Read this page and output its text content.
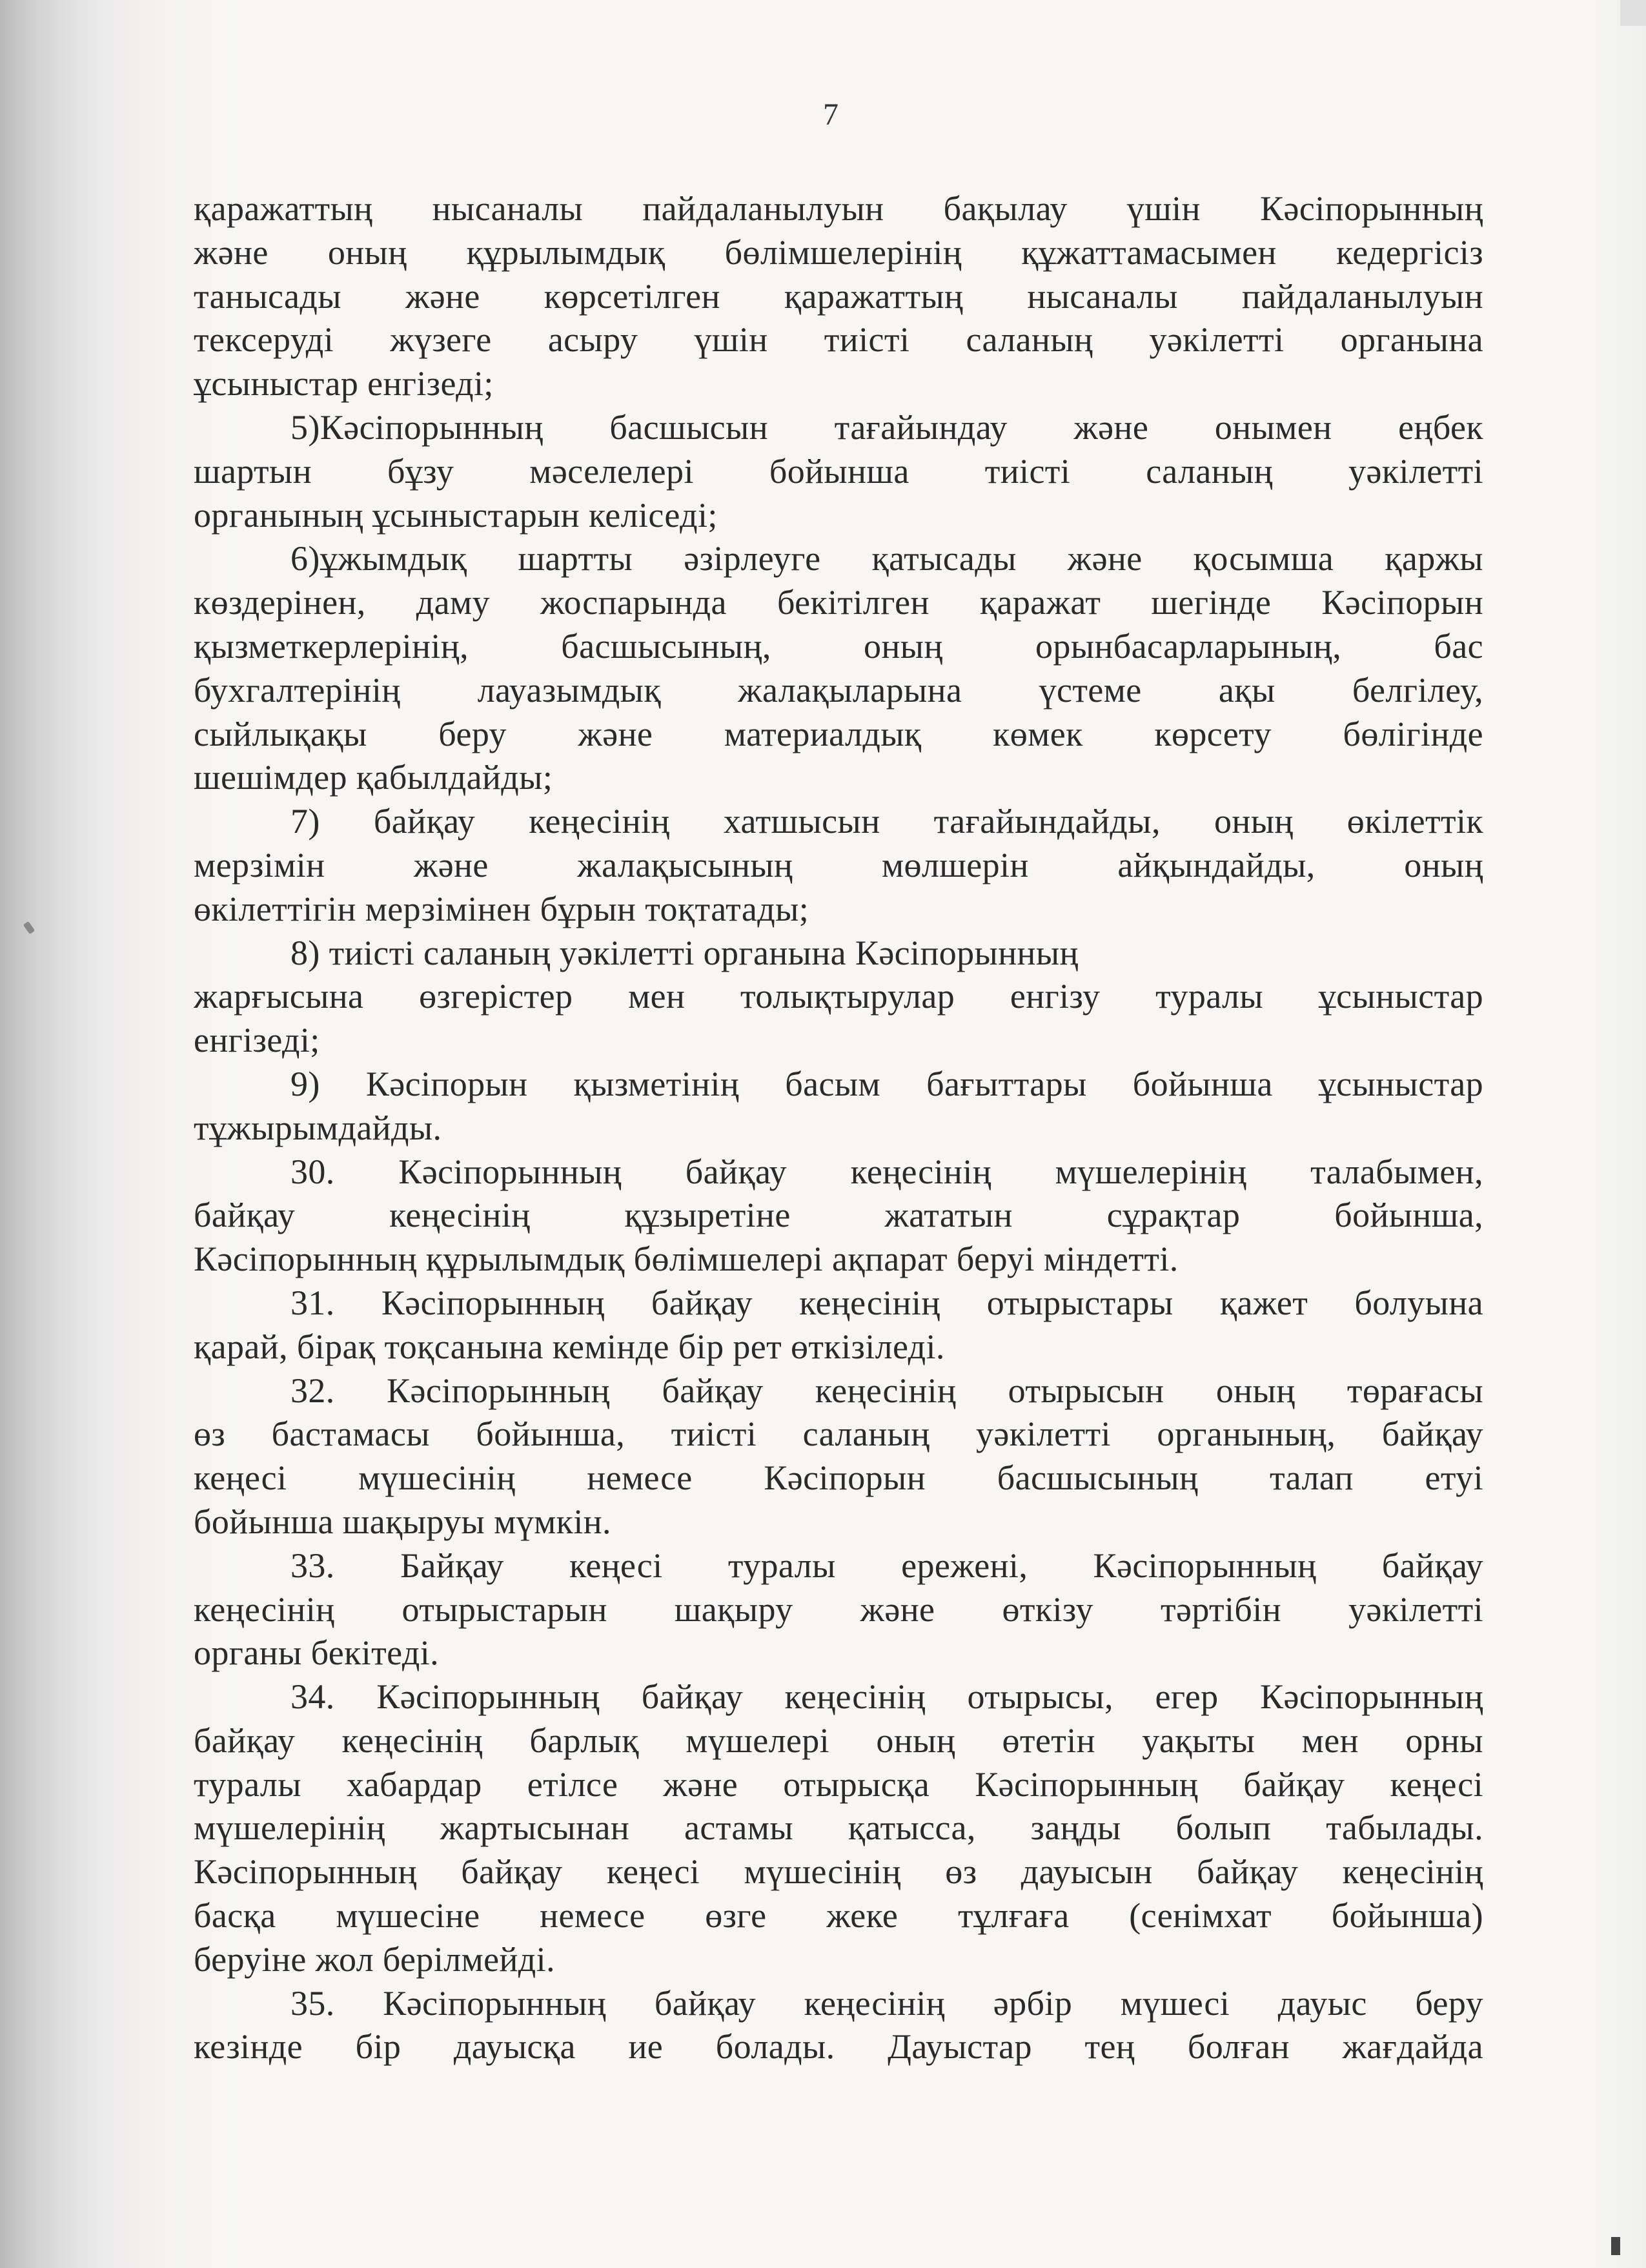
7
қаражаттың нысаналы пайдаланылуын бақылау үшін Кәсіпорынның
және оның құрылымдық бөлімшелерінің құжаттамасымен кедергісіз
танысады және көрсетілген қаражаттың нысаналы пайдаланылуын
тексеруді жүзеге асыру үшін тиісті саланың уәкілетті органына
ұсыныстар енгізеді;
5)Кәсіпорынның басшысын тағайындау және онымен еңбек
шартын бұзу мәселелері бойынша тиісті саланың уәкілетті
органының ұсыныстарын келіседі;
6)ұжымдық шартты әзірлеуге қатысады және қосымша қаржы
көздерінен, даму жоспарында бекітілген қаражат шегінде Кәсіпорын
қызметкерлерінің, басшысының, оның орынбасарларының, бас
бухгалтерінің лауазымдық жалақыларына үстеме ақы белгілеу,
сыйлықақы беру және материалдық көмек көрсету бөлігінде
шешімдер қабылдайды;
7) байқау кеңесінің хатшысын тағайындайды, оның өкілеттік
мерзімін және жалақысының мөлшерін айқындайды, оның
өкілеттігін мерзімінен бұрын тоқтатады;
8) тиісті саланың уәкілетті органына Кәсіпорынның
жарғысына өзгерістер мен толықтырулар енгізу туралы ұсыныстар
енгізеді;
9) Кәсіпорын қызметінің басым бағыттары бойынша ұсыныстар
тұжырымдайды.
30. Кәсіпорынның байқау кеңесінің мүшелерінің талабымен,
байқау кеңесінің құзыретіне жататын сұрақтар бойынша,
Кәсіпорынның құрылымдық бөлімшелері ақпарат беруі міндетті.
31. Кәсіпорынның байқау кеңесінің отырыстары қажет болуына
қарай, бірақ тоқсанына кемінде бір рет өткізіледі.
32. Кәсіпорынның байқау кеңесінің отырысын оның төрағасы
өз бастамасы бойынша, тиісті саланың уәкілетті органының, байқау
кеңесі мүшесінің немесе Кәсіпорын басшысының талап етуі
бойынша шақыруы мүмкін.
33. Байқау кеңесі туралы ережені, Кәсіпорынның байқау
кеңесінің отырыстарын шақыру және өткізу тәртібін уәкілетті
органы бекітеді.
34. Кәсіпорынның байқау кеңесінің отырысы, егер Кәсіпорынның
байқау кеңесінің барлық мүшелері оның өтетін уақыты мен орны
туралы хабардар етілсе және отырысқа Кәсіпорынның байқау кеңесі
мүшелерінің жартысынан астамы қатысса, заңды болып табылады.
Кәсіпорынның байқау кеңесі мүшесінің өз дауысын байқау кеңесінің
басқа мүшесіне немесе өзге жеке тұлғаға (сенімхат бойынша)
беруіне жол берілмейді.
35. Кәсіпорынның байқау кеңесінің әрбір мүшесі дауыс беру
кезінде бір дауысқа ие болады. Дауыстар тең болған жағдайда
